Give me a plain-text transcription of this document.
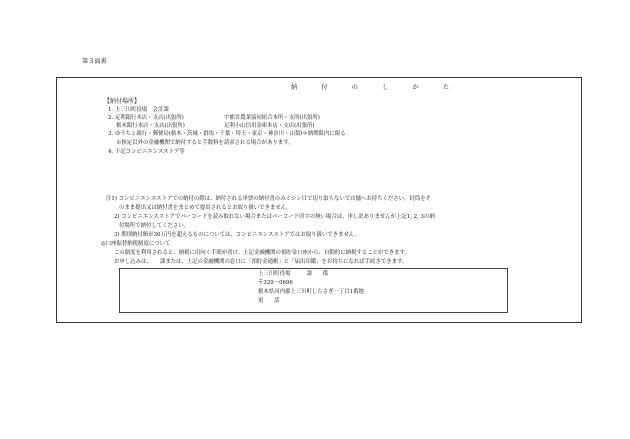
第３面裏
納　付　の　し　か　た
【納付場所】
1. 上三川町役場　会計課
2. 足利銀行本店・支店(出張所)	宇都宮農業協同組合本所・支所(出張所)
栃木銀行本店・支店(出張所)	足利小山信用金庫本店・支店(出張所)
3. ゆうちょ銀行・郵便局(栃木・茨城・群馬・千葉・埼玉・東京・神奈川・山梨)＊納期限内に限る
※指定以外の金融機関で納付すると手数料を請求される場合があります。
4. 下記コンビニエンスストア等
注1) コンビニエンスストアでの納付の際は、納付される単票の納付書のみミシン目で切り取らないで店舗へお持ちください。封筒をそ
のまま提出又は納付書をまとめて提出されるとお取り扱いできません。
2) コンビニエンスストアでバーコードを読み取れない場合またはバーコード印字の無い場合は、申し訳ありませんが上記1, 2, 3の納
付場所で納付してください。
3) 期別納付額が30万円を超えるものについては、コンビニエンスストアではお取り扱いできません。
◎口座振替納税制度について
この制度を利用されると、納税に出向く手間が省け、上記金融機関の預貯金口座から、自動的に納税することができます。
お申し込みは、　　課または、上記の金融機関の窓口に「預貯金通帳」と「届出印鑑」をお持ちになれば手続きできます。
上三川町役場　　　課　　係
〒329－0696
栃木県河内郡上三川町しらさぎ一丁目1番地
電　　話
